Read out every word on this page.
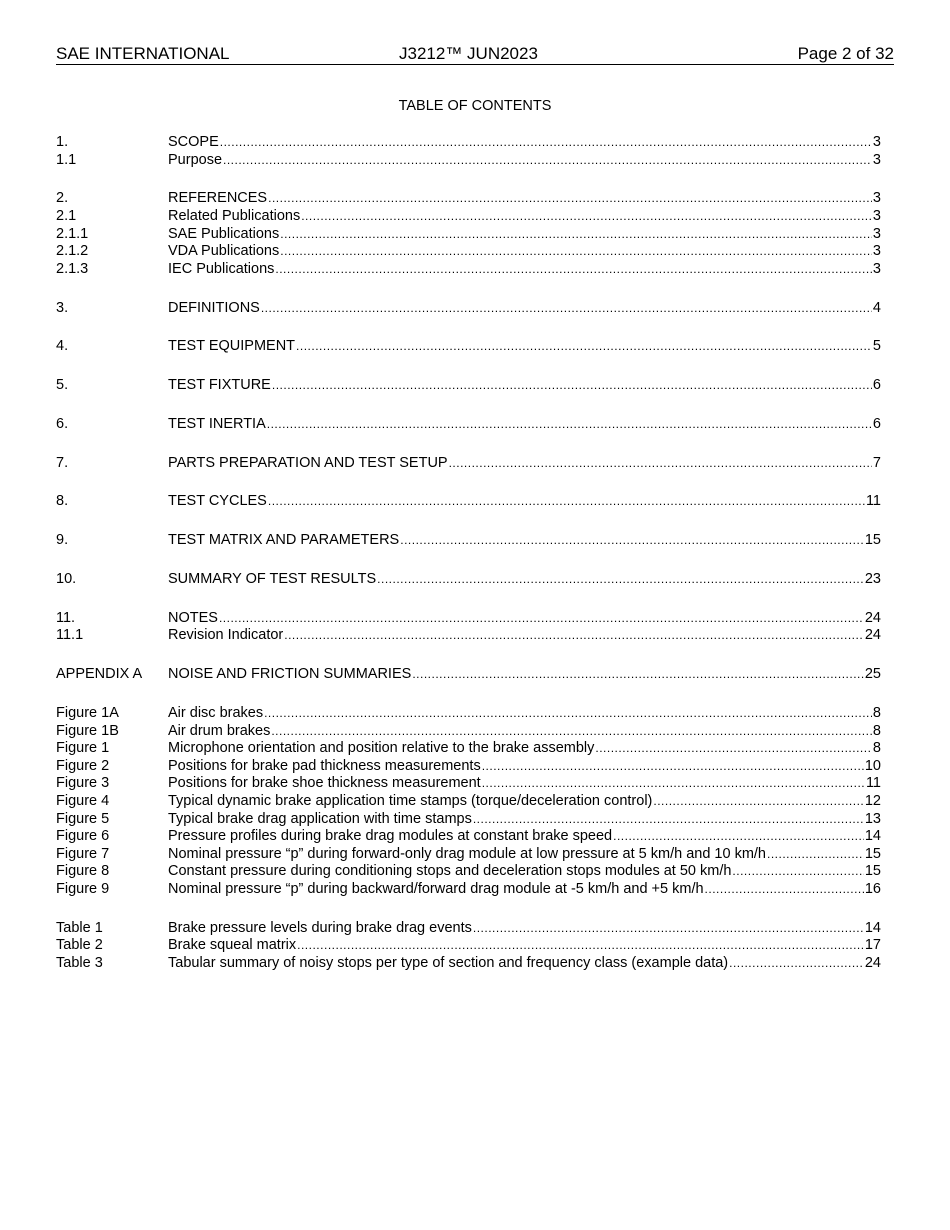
SAE INTERNATIONAL	J3212™ JUN2023	Page 2 of 32
TABLE OF CONTENTS
1.	SCOPE .....	3
1.1	Purpose .....	3
2.	REFERENCES .....	3
2.1	Related Publications .....	3
2.1.1	SAE Publications .....	3
2.1.2	VDA Publications .....	3
2.1.3	IEC Publications .....	3
3.	DEFINITIONS .....	4
4.	TEST EQUIPMENT .....	5
5.	TEST FIXTURE .....	6
6.	TEST INERTIA .....	6
7.	PARTS PREPARATION AND TEST SETUP .....	7
8.	TEST CYCLES .....	11
9.	TEST MATRIX AND PARAMETERS .....	15
10.	SUMMARY OF TEST RESULTS .....	23
11.	NOTES .....	24
11.1	Revision Indicator .....	24
APPENDIX A	NOISE AND FRICTION SUMMARIES .....	25
Figure 1A	Air disc brakes .....	8
Figure 1B	Air drum brakes .....	8
Figure 1	Microphone orientation and position relative to the brake assembly .....	8
Figure 2	Positions for brake pad thickness measurements .....	10
Figure 3	Positions for brake shoe thickness measurement .....	11
Figure 4	Typical dynamic brake application time stamps (torque/deceleration control) .....	12
Figure 5	Typical brake drag application with time stamps .....	13
Figure 6	Pressure profiles during brake drag modules at constant brake speed .....	14
Figure 7	Nominal pressure “p” during forward-only drag module at low pressure at 5 km/h and 10 km/h .....	15
Figure 8	Constant pressure during conditioning stops and deceleration stops modules at 50 km/h .....	15
Figure 9	Nominal pressure “p” during backward/forward drag module at -5 km/h and +5 km/h .....	16
Table 1	Brake pressure levels during brake drag events .....	14
Table 2	Brake squeal matrix .....	17
Table 3	Tabular summary of noisy stops per type of section and frequency class (example data) .....	24
